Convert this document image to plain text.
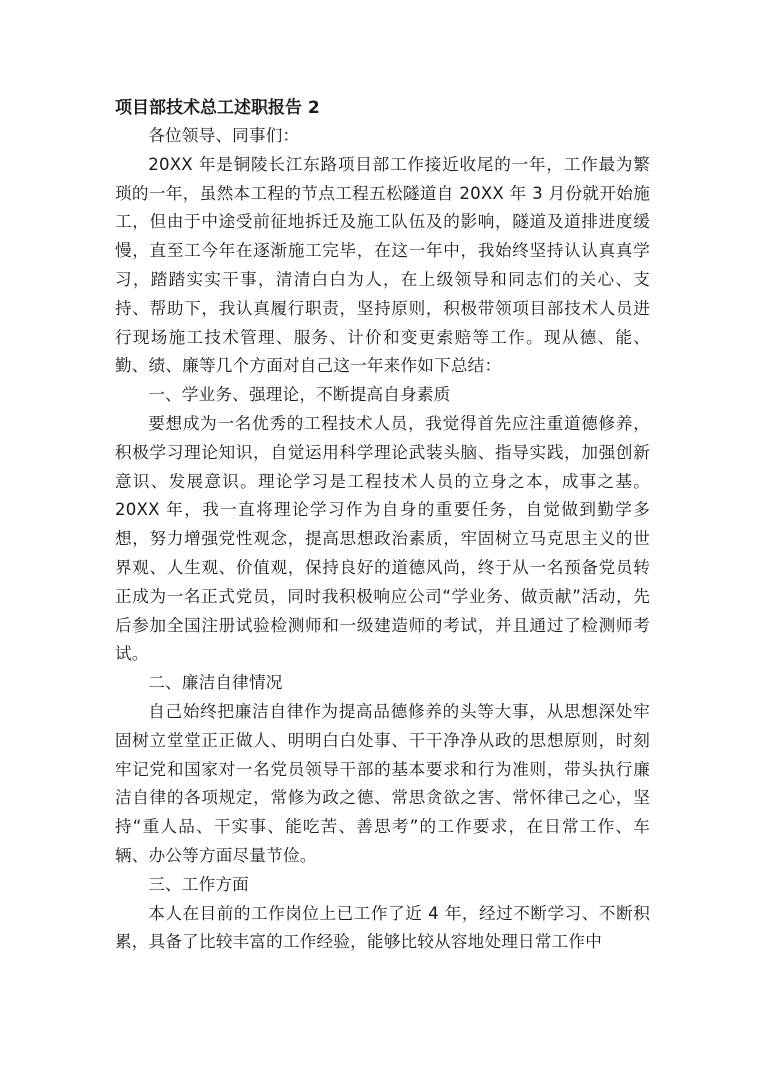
项目部技术总工述职报告 2

各位领导、同事们：

20XX 年是铜陵长江东路项目部工作接近收尾的一年，工作最为繁琐的一年，虽然本工程的节点工程五松隧道自 20XX 年 3 月份就开始施工，但由于中途受前征地拆迁及施工队伍及的影响，隧道及道排进度缓慢，直至工今年在逐渐施工完毕，在这一年中，我始终坚持认认真真学习，踏踏实实干事，清清白白为人，在上级领导和同志们的关心、支持、帮助下，我认真履行职责，坚持原则，积极带领项目部技术人员进行现场施工技术管理、服务、计价和变更索赔等工作。现从德、能、勤、绩、廉等几个方面对自己这一年来作如下总结：

一、学业务、强理论，不断提高自身素质

要想成为一名优秀的工程技术人员，我觉得首先应注重道德修养，积极学习理论知识，自觉运用科学理论武装头脑、指导实践，加强创新意识、发展意识。理论学习是工程技术人员的立身之本，成事之基。20XX 年，我一直将理论学习作为自身的重要任务，自觉做到勤学多想，努力增强党性观念，提高思想政治素质，牢固树立马克思主义的世界观、人生观、价值观，保持良好的道德风尚，终于从一名预备党员转正成为一名正式党员，同时我积极响应公司“学业务、做贡献”活动，先后参加全国注册试验检测师和一级建造师的考试，并且通过了检测师考试。

二、廉洁自律情况

自己始终把廉洁自律作为提高品德修养的头等大事，从思想深处牢固树立堂堂正正做人、明明白白处事、干干净净从政的思想原则，时刻牢记党和国家对一名党员领导干部的基本要求和行为准则，带头执行廉洁自律的各项规定，常修为政之德、常思贪欲之害、常怀律己之心，坚持“重人品、干实事、能吃苦、善思考”的工作要求，在日常工作、车辆、办公等方面尽量节俭。

三、工作方面

本人在目前的工作岗位上已工作了近 4 年，经过不断学习、不断积累，具备了比较丰富的工作经验，能够比较从容地处理日常工作中
